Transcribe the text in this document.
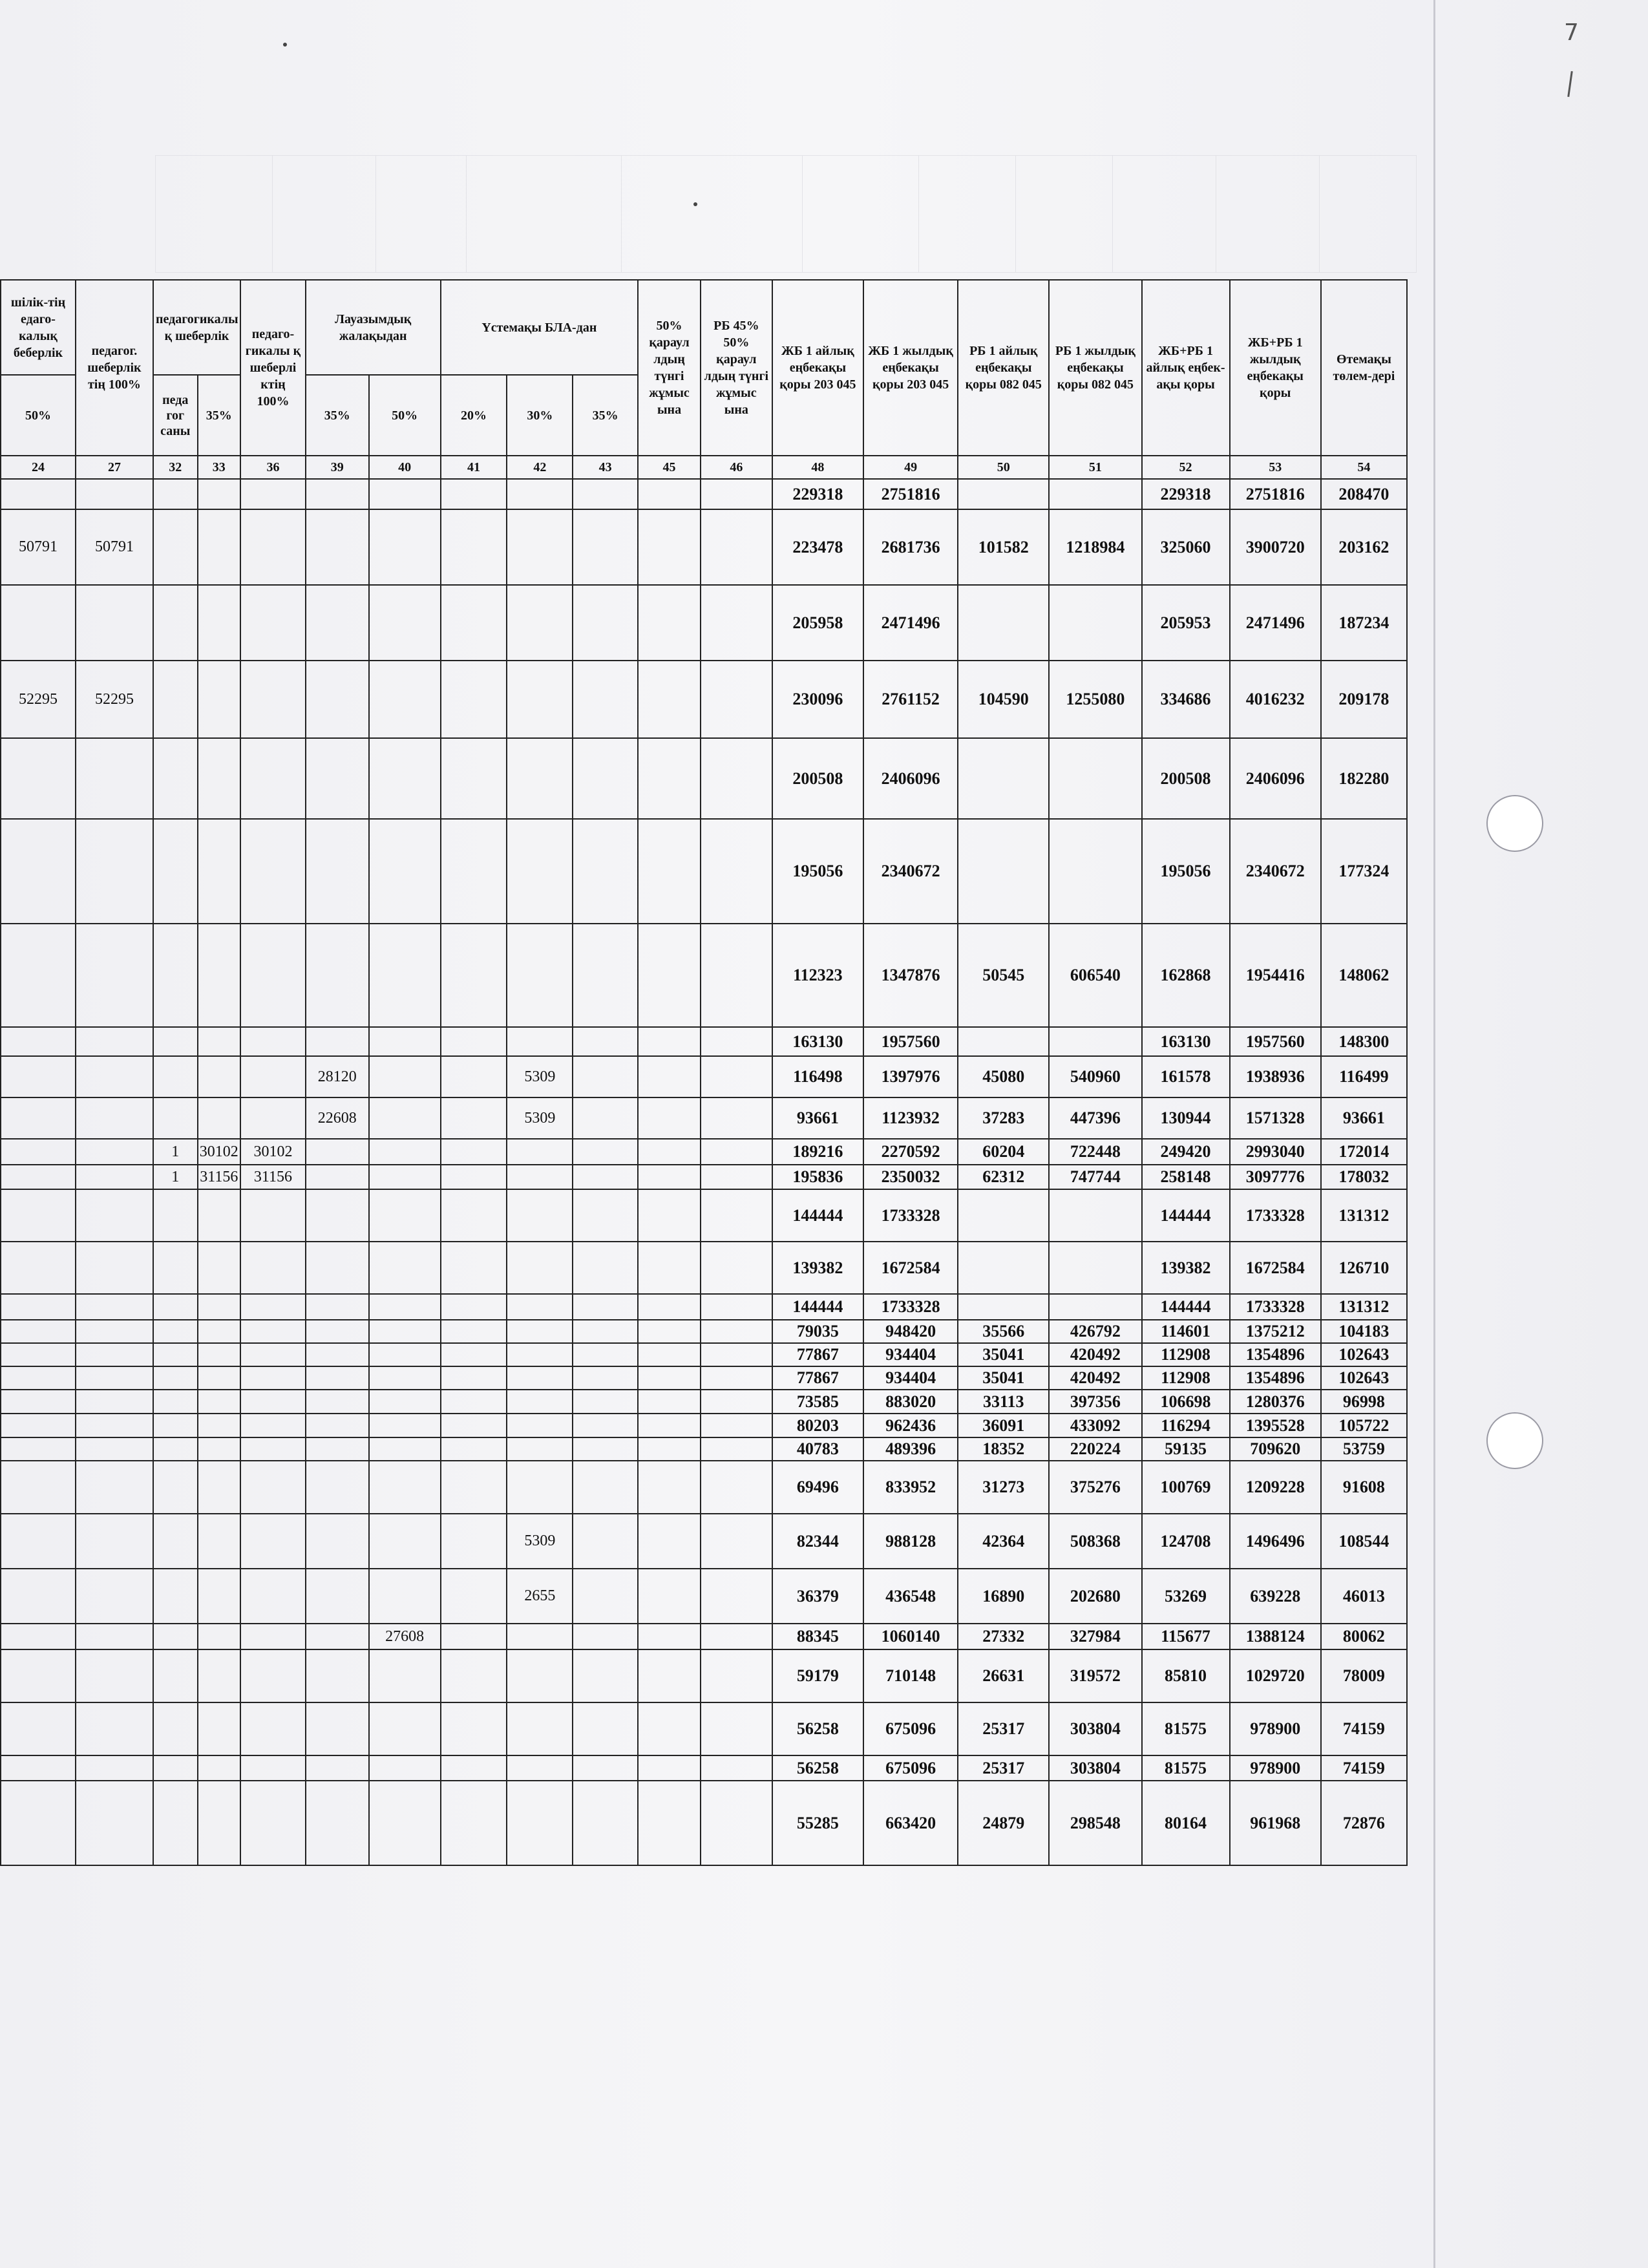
7
шілік-тің едаго-калық беберлік	педагог. шеберлік тің 100%	педагогикалы қ шеберлік		педаго-гикалы қ шеберлі ктің 100%	Лауазымдық жалақыдан		Үстемақы БЛА-дан			50% қараул лдың түнгі жұмыс ына	РБ 45% 50% қараул лдың түнгі жұмыс ына	ЖБ 1 айлық еңбекақы қоры 203 045	ЖБ 1 жылдық еңбекақы қоры 203 045	РБ 1 айлық еңбекақы қоры 082 045	РБ 1 жылдық еңбекақы қоры 082 045	ЖБ+РБ 1 айлық еңбек-ақы қоры	ЖБ+РБ 1 жылдық еңбекақы қоры	Өтемақы төлем-дері
50%		педа гог саны	35%		35%	50%	20%	30%	35%									
24	27	32	33	36	39	40	41	42	43	45	46	48	49	50	51	52	53	54
												229318	2751816			229318	2751816	208470
50791	50791											223478	2681736	101582	1218984	325060	3900720	203162
												205958	2471496			205953	2471496	187234
52295	52295											230096	2761152	104590	1255080	334686	4016232	209178
												200508	2406096			200508	2406096	182280
												195056	2340672			195056	2340672	177324
												112323	1347876	50545	606540	162868	1954416	148062
												163130	1957560			163130	1957560	148300
					28120			5309				116498	1397976	45080	540960	161578	1938936	116499
					22608			5309				93661	1123932	37283	447396	130944	1571328	93661
		1	30102	30102								189216	2270592	60204	722448	249420	2993040	172014
		1	31156	31156								195836	2350032	62312	747744	258148	3097776	178032
												144444	1733328			144444	1733328	131312
												139382	1672584			139382	1672584	126710
												144444	1733328			144444	1733328	131312
												79035	948420	35566	426792	114601	1375212	104183
												77867	934404	35041	420492	112908	1354896	102643
												77867	934404	35041	420492	112908	1354896	102643
												73585	883020	33113	397356	106698	1280376	96998
												80203	962436	36091	433092	116294	1395528	105722
												40783	489396	18352	220224	59135	709620	53759
												69496	833952	31273	375276	100769	1209228	91608
								5309				82344	988128	42364	508368	124708	1496496	108544
								2655				36379	436548	16890	202680	53269	639228	46013
						27608						88345	1060140	27332	327984	115677	1388124	80062
												59179	710148	26631	319572	85810	1029720	78009
												56258	675096	25317	303804	81575	978900	74159
												56258	675096	25317	303804	81575	978900	74159
												55285	663420	24879	298548	80164	961968	72876
